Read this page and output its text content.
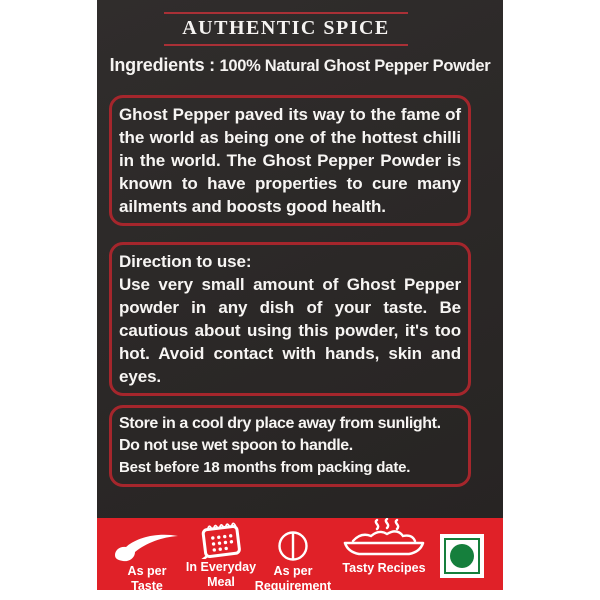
AUTHENTIC SPICE
Ingredients : 100% Natural Ghost Pepper Powder

Ghost Pepper paved its way to the fame of the world as being one of the hottest chilli in the world. The Ghost Pepper Powder is known to have properties to cure many ailments and boosts good health.

Direction to use:

Use very small amount of Ghost Pepper powder in any dish of your taste. Be cautious about using this powder, it's too hot. Avoid contact with hands, skin and eyes.

Store in a cool dry place away from sunlight. Do not use wet spoon to handle.

Best before 18 months from packing date.

As per
Taste
In Everyday
Meal
As per
Requirement
Tasty Recipes
